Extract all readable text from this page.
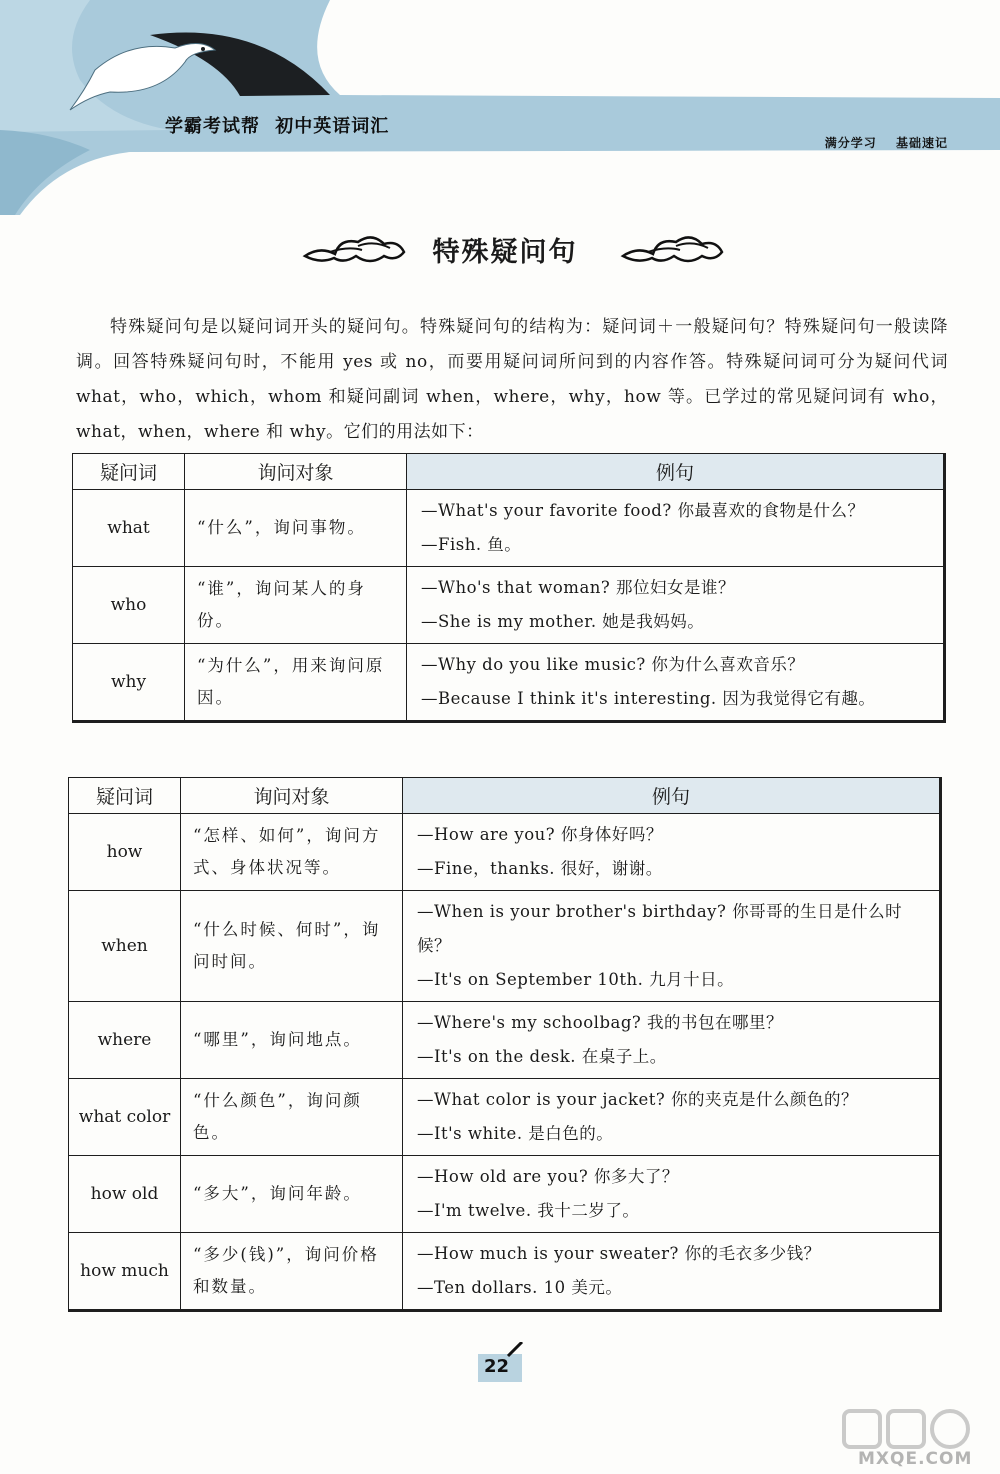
学霸考试帮 初中英语词汇
满分学习 基础速记
特殊疑问句

特殊疑问句是以疑问词开头的疑问句。特殊疑问句的结构为：疑问词＋一般疑问句？特殊疑问句一般读降调。回答特殊疑问句时，不能用 yes 或 no，而要用疑问词所问到的内容作答。特殊疑问词可分为疑问代词 what，who，which，whom 和疑问副词 when，where，why，how 等。已学过的常见疑问词有 who，what，when，where 和 why。它们的用法如下：

疑问词	询问对象	例句
what	“什么”，询问事物。	—What's your favorite food? 你最喜欢的食物是什么？
—Fish. 鱼。

who	“谁”，询问某人的身份。	—Who's that woman? 那位妇女是谁？
—She is my mother. 她是我妈妈。

why	“为什么”，用来询问原因。	—Why do you like music? 你为什么喜欢音乐？
—Because I think it's interesting. 因为我觉得它有趣。
疑问词	询问对象	例句
how	“怎样、如何”，询问方式、身体状况等。	—How are you? 你身体好吗？
—Fine，thanks. 很好，谢谢。

when	“什么时候、何时”，询问时间。	—When is your brother's birthday? 你哥哥的生日是什么时候？
—It's on September 10th. 九月十日。

where	“哪里”，询问地点。	—Where's my schoolbag? 我的书包在哪里？
—It's on the desk. 在桌子上。

what color	“什么颜色”，询问颜色。	—What color is your jacket? 你的夹克是什么颜色的？
—It's white. 是白色的。

how old	“多大”，询问年龄。	—How old are you? 你多大了？
—I'm twelve. 我十二岁了。

how much	“多少(钱)”，询问价格和数量。	—How much is your sweater? 你的毛衣多少钱？
—Ten dollars. 10 美元。
22
MXQE.COM
